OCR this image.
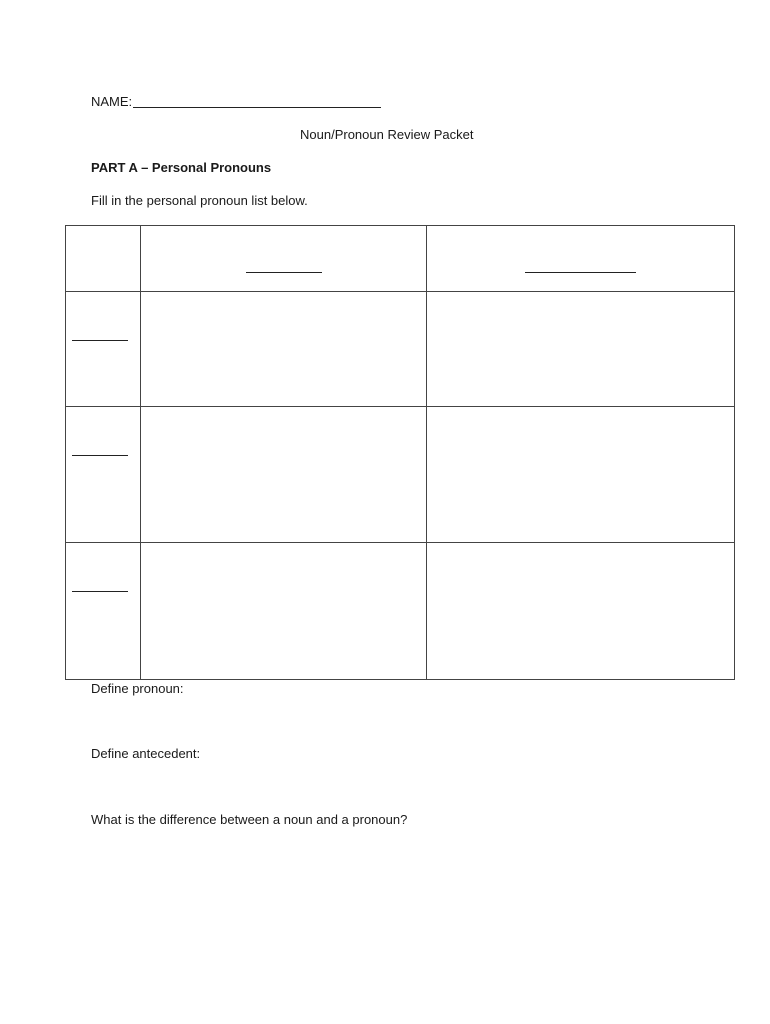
NAME:
Noun/Pronoun Review Packet
PART A – Personal Pronouns
Fill in the personal pronoun list below.
Define pronoun:
Define antecedent:
What is the difference between a noun and a pronoun?
